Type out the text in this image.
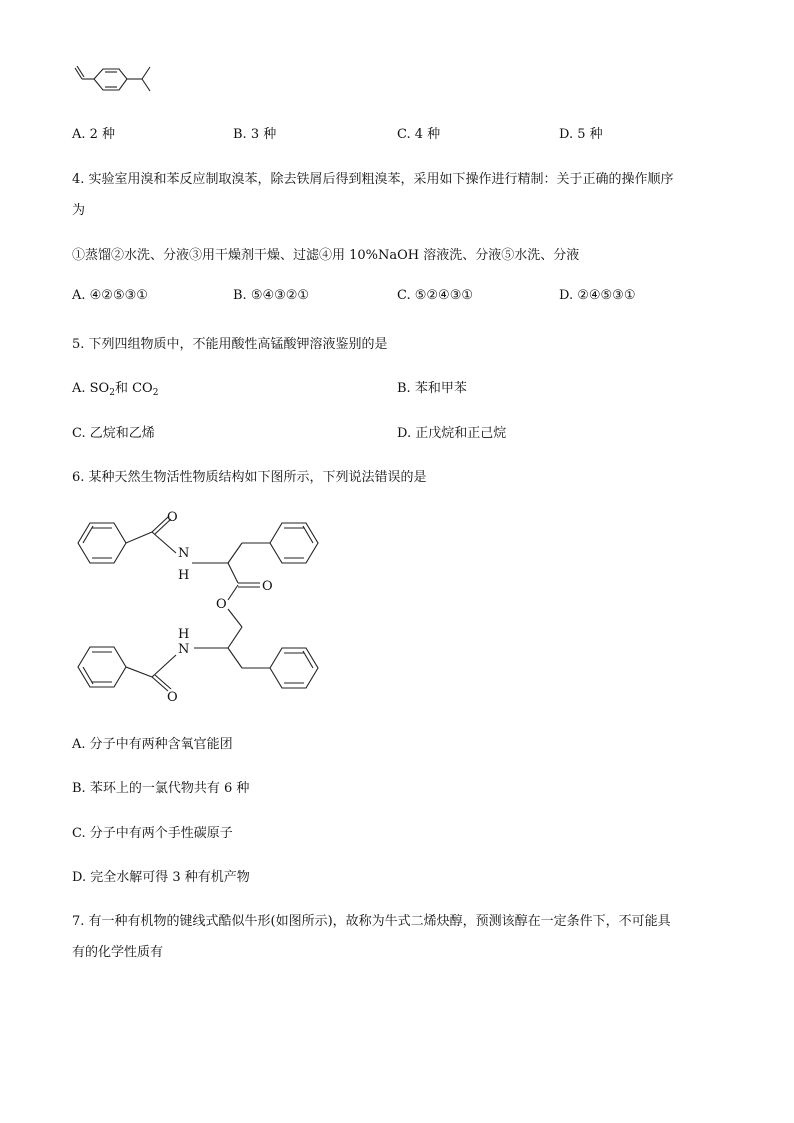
A. 2 种	B. 3 种	C. 4 种	D. 5 种
4. 实验室用溴和苯反应制取溴苯，除去铁屑后得到粗溴苯，采用如下操作进行精制：关于正确的操作顺序
为
①蒸馏②水洗、分液③用干燥剂干燥、过滤④用 10%NaOH 溶液洗、分液⑤水洗、分液
A. ④②⑤③①	B. ⑤④③②①	C. ⑤②④③①	D. ②④⑤③①
5. 下列四组物质中，不能用酸性高锰酸钾溶液鉴别的是
A. $SO_2$和 $CO_2$	B. 苯和甲苯
C. 乙烷和乙烯	D. 正戊烷和正己烷
6. 某种天然生物活性物质结构如下图所示，下列说法错误的是
O
N
H
O
O
H
N
O
A. 分子中有两种含氧官能团
B. 苯环上的一氯代物共有 6 种
C. 分子中有两个手性碳原子
D. 完全水解可得 3 种有机产物
7. 有一种有机物的键线式酷似牛形(如图所示)，故称为牛式二烯炔醇，预测该醇在一定条件下，不可能具
有的化学性质有
